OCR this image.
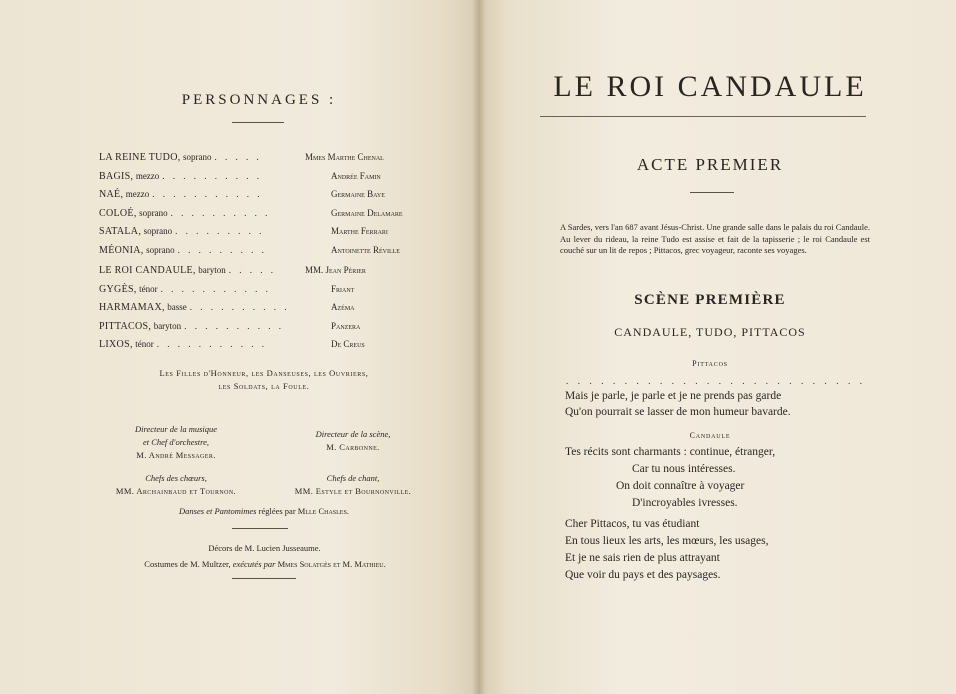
PERSONNAGES :
LA REINE TUDO, soprano . . . . .	Mmes Marthe Chenal
BAGIS, mezzo . . . . . . . . . .	Andrée Famin
NAÉ, mezzo . . . . . . . . . . .	Germaine Baye
COLOÉ, soprano . . . . . . . . . .	Germaine Delamare
SATALA, soprano . . . . . . . . .	Marthe Ferrari
MÉONIA, soprano . . . . . . . . .	Antoinette Réville
LE ROI CANDAULE, baryton . . . . .	MM. Jean Périer
GYGÈS, ténor . . . . . . . . . . .	Friant
HARMAMAX, basse . . . . . . . . . .	Azéma
PITTACOS, baryton . . . . . . . . . .	Panzera
LIXOS, ténor . . . . . . . . . . .	De Creus
Les Filles d'Honneur, les Danseuses, les Ouvriers,
les Soldats, la Foule.
Directeur de la musique
et Chef d'orchestre,
M. André Messager.
Directeur de la scène,
M. Carbonne.
Chefs des chœurs,
MM. Archainbaud et Tournon.
Chefs de chant,
MM. Estyle et Bournonville.
Danses et Pantomimes réglées par Mlle Chasles.
Décors de M. Lucien Jusseaume.
Costumes de M. Multzer, exécutés par Mmes Solatgès et M. Mathieu.
LE ROI CANDAULE
ACTE PREMIER
A Sardes, vers l'an 687 avant Jésus-Christ. Une grande salle dans le palais du roi Candaule. Au lever du rideau, la reine Tudo est assise et fait de la tapisserie ; le roi Candaule est couché sur un lit de repos ; Pittacos, grec voyageur, raconte ses voyages.
SCÈNE PREMIÈRE
CANDAULE, TUDO, PITTACOS
Pittacos
..........................
Mais je parle, je parle et je ne prends pas garde
Qu'on pourrait se lasser de mon humeur bavarde.
Candaule
Tes récits sont charmants : continue, étranger,
Car tu nous intéresses.
On doit connaître à voyager
D'incroyables ivresses.
Cher Pittacos, tu vas étudiant
En tous lieux les arts, les mœurs, les usages,
Et je ne sais rien de plus attrayant
Que voir du pays et des paysages.
